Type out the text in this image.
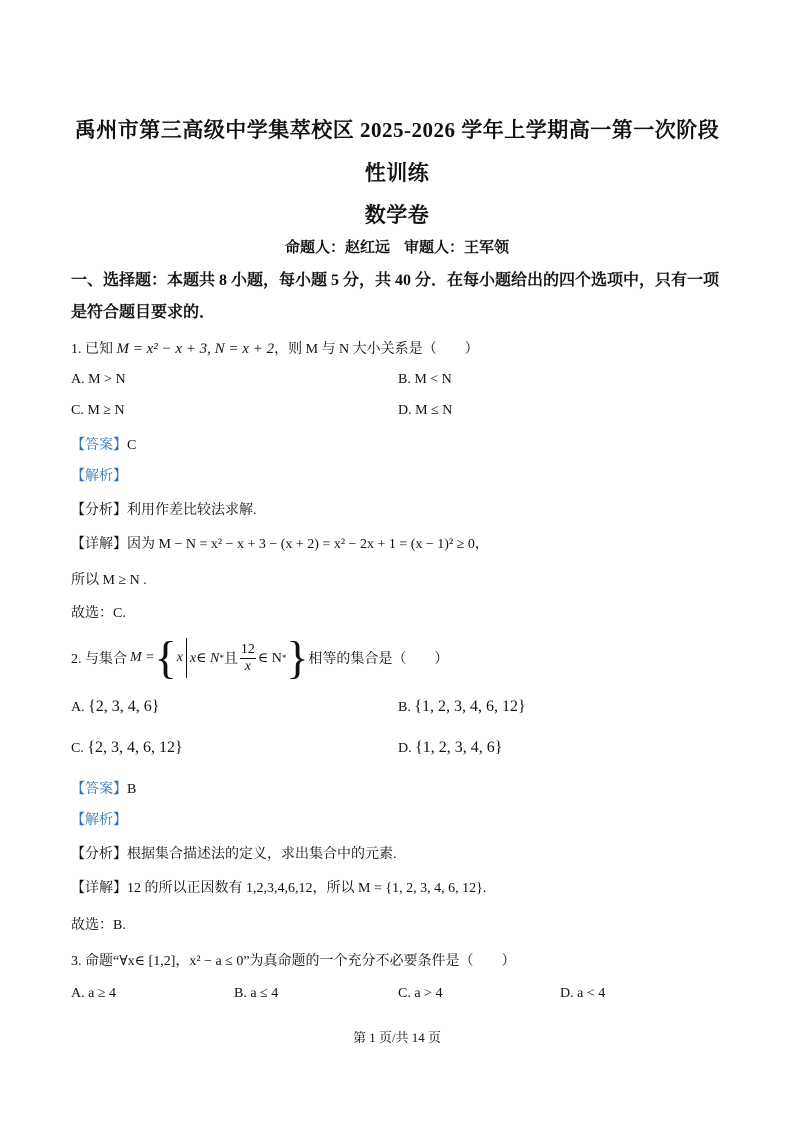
禹州市第三高级中学集萃校区 2025-2026 学年上学期高一第一次阶段
性训练
数学卷
命题人：赵红远 审题人：王军领
一、选择题：本题共 8 小题，每小题 5 分，共 40 分．在每小题给出的四个选项中，只有一项是符合题目要求的．
1. 已知 M = x² − x + 3, N = x + 2，则 M 与 N 大小关系是（　　）
A. M > N	B. M < N
C. M ≥ N	D. M ≤ N
【答案】C
【解析】
【分析】利用作差比较法求解.
【详解】因为 M − N = x² − x + 3 − (x + 2) = x² − 2x + 1 = (x − 1)² ≥ 0，
所以 M ≥ N .
故选：C.
2. 与集合 M = { x x∈ N * 且 $\frac{12}{x}$ ∈ N * } 相等的集合是（　　）
A. {2, 3, 4, 6}	B. {1, 2, 3, 4, 6, 12}
C. {2, 3, 4, 6, 12}	D. {1, 2, 3, 4, 6}
【答案】B
【解析】
【分析】根据集合描述法的定义，求出集合中的元素.
【详解】12 的所以正因数有 1,2,3,4,6,12，所以 M = {1, 2, 3, 4, 6, 12}.
故选：B.
3. 命题“∀x∈ [1,2]，x² − a ≤ 0”为真命题的一个充分不必要条件是（　　）
A. a ≥ 4	B. a ≤ 4	C. a > 4	D. a < 4
第 1 页/共 14 页
